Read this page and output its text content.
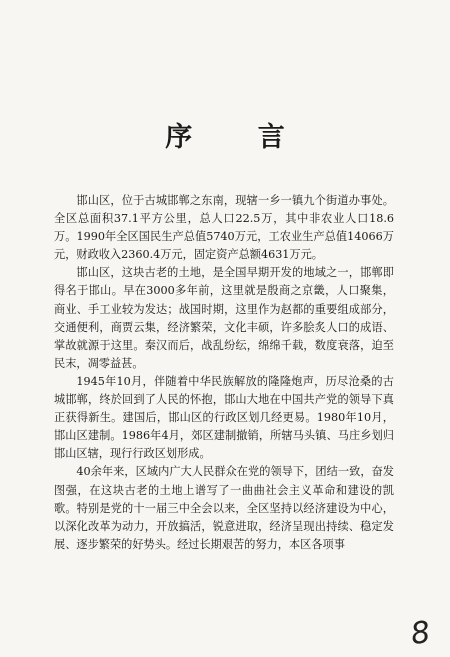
序 言

邯山区，位于古城邯郸之东南，现辖一乡一镇九个街道办事处。全区总面积37.1平方公里，总人口22.5万，其中非农业人口18.6万。1990年全区国民生产总值5740万元，工农业生产总值14066万元，财政收入2360.4万元，固定资产总额4631万元。

邯山区，这块古老的土地，是全国早期开发的地域之一，邯郸即得名于邯山。早在3000多年前，这里就是殷商之京畿，人口聚集，商业、手工业较为发达；战国时期，这里作为赵都的重要组成部分，交通便利，商贾云集，经济繁荣，文化丰硕，许多脍炙人口的成语、掌故就源于这里。秦汉而后，战乱纷纭，绵绵千载，数度衰落，迫至民末，凋零益甚。

1945年10月，伴随着中华民族解放的隆隆炮声，历尽沧桑的古城邯郸，终於回到了人民的怀抱，邯山大地在中国共产党的领导下真正获得新生。建国后，邯山区的行政区划几经更易。1980年10月，邯山区建制。1986年4月，郊区建制撤销，所辖马头镇、马庄乡划归邯山区辖，现行行政区划形成。

40余年来，区域内广大人民群众在党的领导下，团结一致，奋发图强，在这块古老的土地上谱写了一曲曲社会主义革命和建设的凯歌。特别是党的十一届三中全会以来，全区坚持以经济建设为中心，以深化改革为动力，开放搞活，锐意进取，经济呈现出持续、稳定发展、逐步繁荣的好势头。经过长期艰苦的努力，本区各项事

8
